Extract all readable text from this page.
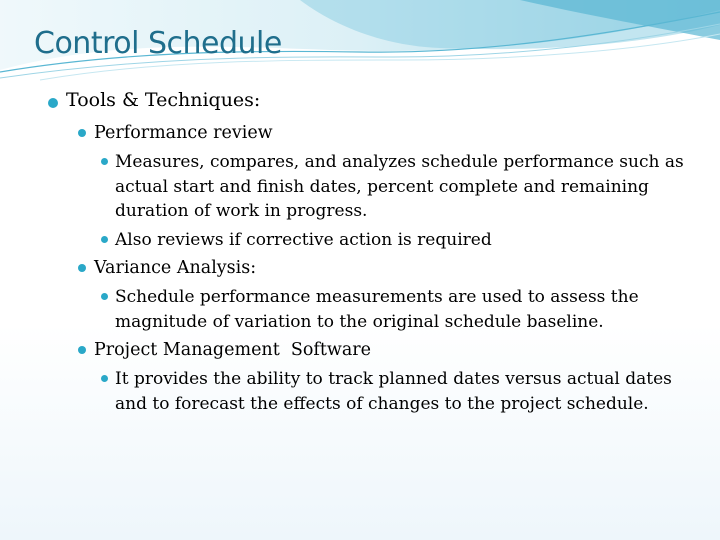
Control Schedule
Tools & Techniques:
Performance review
Measures, compares, and analyzes schedule performance such as actual start and finish dates, percent complete and remaining duration of work in progress.
Also reviews if corrective action is required
Variance Analysis:
Schedule performance measurements are used to assess the magnitude of variation to the original schedule baseline.
Project Management  Software
It provides the ability to track planned dates versus actual dates and to forecast the effects of changes to the project schedule.
